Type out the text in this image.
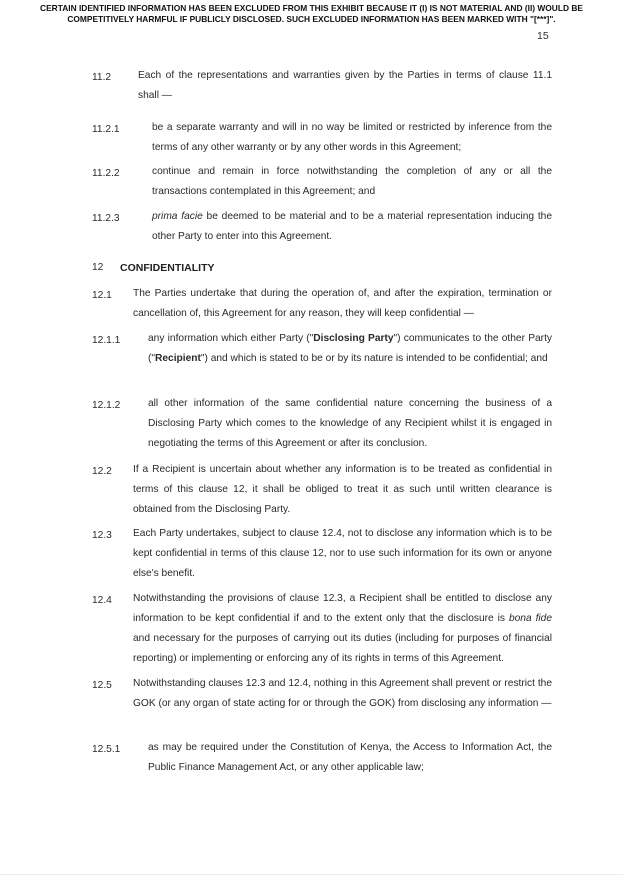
CERTAIN IDENTIFIED INFORMATION HAS BEEN EXCLUDED FROM THIS EXHIBIT BECAUSE IT (I) IS NOT MATERIAL AND (II) WOULD BE COMPETITIVELY HARMFUL IF PUBLICLY DISCLOSED. SUCH EXCLUDED INFORMATION HAS BEEN MARKED WITH "[***]".
15
11.2	Each of the representations and warranties given by the Parties in terms of clause 11.1 shall —
11.2.1	be a separate warranty and will in no way be limited or restricted by inference from the terms of any other warranty or by any other words in this Agreement;
11.2.2	continue and remain in force notwithstanding the completion of any or all the transactions contemplated in this Agreement; and
11.2.3	prima facie be deemed to be material and to be a material representation inducing the other Party to enter into this Agreement.
12 CONFIDENTIALITY
12.1 The Parties undertake that during the operation of, and after the expiration, termination or cancellation of, this Agreement for any reason, they will keep confidential —
12.1.1	any information which either Party ("Disclosing Party") communicates to the other Party ("Recipient") and which is stated to be or by its nature is intended to be confidential; and
12.1.2	all other information of the same confidential nature concerning the business of a Disclosing Party which comes to the knowledge of any Recipient whilst it is engaged in negotiating the terms of this Agreement or after its conclusion.
12.2 If a Recipient is uncertain about whether any information is to be treated as confidential in terms of this clause 12, it shall be obliged to treat it as such until written clearance is obtained from the Disclosing Party.
12.3 Each Party undertakes, subject to clause 12.4, not to disclose any information which is to be kept confidential in terms of this clause 12, nor to use such information for its own or anyone else's benefit.
12.4 Notwithstanding the provisions of clause 12.3, a Recipient shall be entitled to disclose any information to be kept confidential if and to the extent only that the disclosure is bona fide and necessary for the purposes of carrying out its duties (including for purposes of financial reporting) or implementing or enforcing any of its rights in terms of this Agreement.
12.5 Notwithstanding clauses 12.3 and 12.4, nothing in this Agreement shall prevent or restrict the GOK (or any organ of state acting for or through the GOK) from disclosing any information —
12.5.1	as may be required under the Constitution of Kenya, the Access to Information Act, the Public Finance Management Act, or any other applicable law;
